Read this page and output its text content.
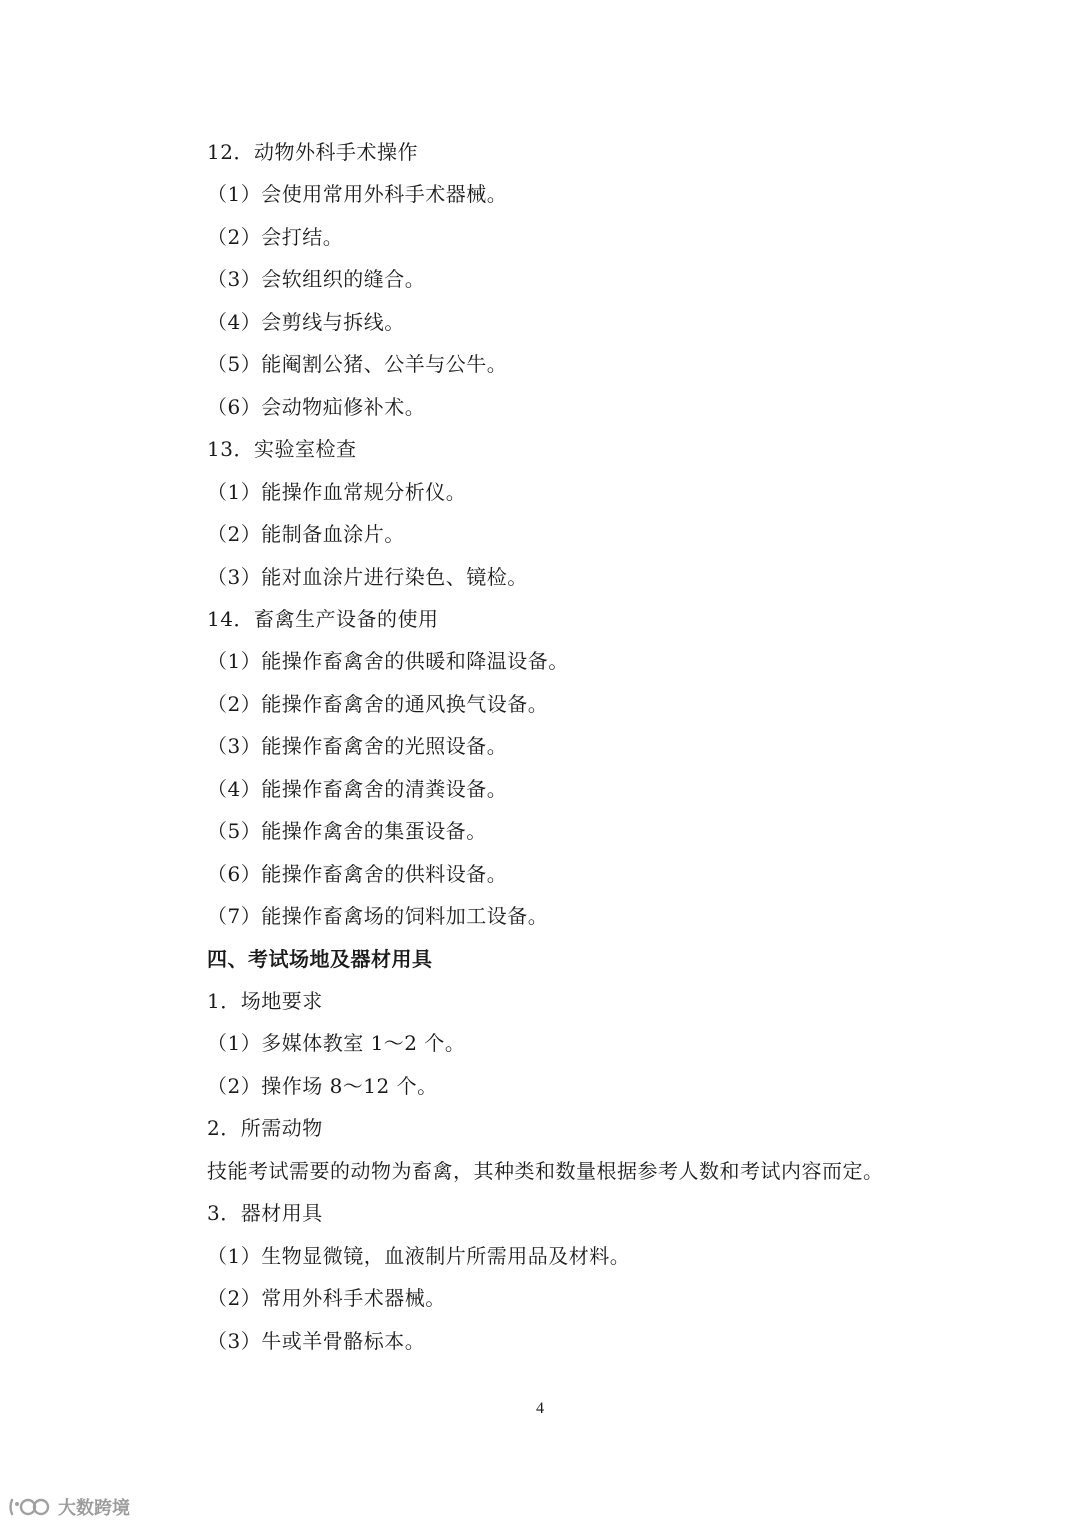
12．动物外科手术操作
（1）会使用常用外科手术器械。
（2）会打结。
（3）会软组织的缝合。
（4）会剪线与拆线。
（5）能阉割公猪、公羊与公牛。
（6）会动物疝修补术。
13．实验室检查
（1）能操作血常规分析仪。
（2）能制备血涂片。
（3）能对血涂片进行染色、镜检。
14．畜禽生产设备的使用
（1）能操作畜禽舍的供暖和降温设备。
（2）能操作畜禽舍的通风换气设备。
（3）能操作畜禽舍的光照设备。
（4）能操作畜禽舍的清粪设备。
（5）能操作禽舍的集蛋设备。
（6）能操作畜禽舍的供料设备。
（7）能操作畜禽场的饲料加工设备。
四、考试场地及器材用具
1．场地要求
（1）多媒体教室 1～2 个。
（2）操作场 8～12 个。
2．所需动物
技能考试需要的动物为畜禽，其种类和数量根据参考人数和考试内容而定。
3．器材用具
（1）生物显微镜，血液制片所需用品及材料。
（2）常用外科手术器械。
（3）牛或羊骨骼标本。
4
大数跨境
